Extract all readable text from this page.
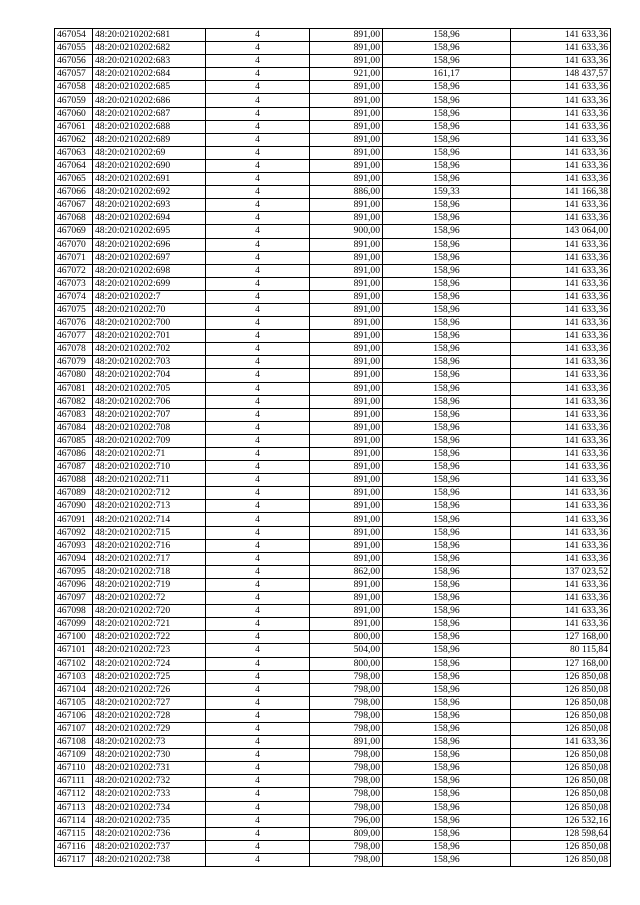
467054	48:20:0210202:681	4	891,00	158,96	141 633,36
467055	48:20:0210202:682	4	891,00	158,96	141 633,36
467056	48:20:0210202:683	4	891,00	158,96	141 633,36
467057	48:20:0210202:684	4	921,00	161,17	148 437,57
467058	48:20:0210202:685	4	891,00	158,96	141 633,36
467059	48:20:0210202:686	4	891,00	158,96	141 633,36
467060	48:20:0210202:687	4	891,00	158,96	141 633,36
467061	48:20:0210202:688	4	891,00	158,96	141 633,36
467062	48:20:0210202:689	4	891,00	158,96	141 633,36
467063	48:20:0210202:69	4	891,00	158,96	141 633,36
467064	48:20:0210202:690	4	891,00	158,96	141 633,36
467065	48:20:0210202:691	4	891,00	158,96	141 633,36
467066	48:20:0210202:692	4	886,00	159,33	141 166,38
467067	48:20:0210202:693	4	891,00	158,96	141 633,36
467068	48:20:0210202:694	4	891,00	158,96	141 633,36
467069	48:20:0210202:695	4	900,00	158,96	143 064,00
467070	48:20:0210202:696	4	891,00	158,96	141 633,36
467071	48:20:0210202:697	4	891,00	158,96	141 633,36
467072	48:20:0210202:698	4	891,00	158,96	141 633,36
467073	48:20:0210202:699	4	891,00	158,96	141 633,36
467074	48:20:0210202:7	4	891,00	158,96	141 633,36
467075	48:20:0210202:70	4	891,00	158,96	141 633,36
467076	48:20:0210202:700	4	891,00	158,96	141 633,36
467077	48:20:0210202:701	4	891,00	158,96	141 633,36
467078	48:20:0210202:702	4	891,00	158,96	141 633,36
467079	48:20:0210202:703	4	891,00	158,96	141 633,36
467080	48:20:0210202:704	4	891,00	158,96	141 633,36
467081	48:20:0210202:705	4	891,00	158,96	141 633,36
467082	48:20:0210202:706	4	891,00	158,96	141 633,36
467083	48:20:0210202:707	4	891,00	158,96	141 633,36
467084	48:20:0210202:708	4	891,00	158,96	141 633,36
467085	48:20:0210202:709	4	891,00	158,96	141 633,36
467086	48:20:0210202:71	4	891,00	158,96	141 633,36
467087	48:20:0210202:710	4	891,00	158,96	141 633,36
467088	48:20:0210202:711	4	891,00	158,96	141 633,36
467089	48:20:0210202:712	4	891,00	158,96	141 633,36
467090	48:20:0210202:713	4	891,00	158,96	141 633,36
467091	48:20:0210202:714	4	891,00	158,96	141 633,36
467092	48:20:0210202:715	4	891,00	158,96	141 633,36
467093	48:20:0210202:716	4	891,00	158,96	141 633,36
467094	48:20:0210202:717	4	891,00	158,96	141 633,36
467095	48:20:0210202:718	4	862,00	158,96	137 023,52
467096	48:20:0210202:719	4	891,00	158,96	141 633,36
467097	48:20:0210202:72	4	891,00	158,96	141 633,36
467098	48:20:0210202:720	4	891,00	158,96	141 633,36
467099	48:20:0210202:721	4	891,00	158,96	141 633,36
467100	48:20:0210202:722	4	800,00	158,96	127 168,00
467101	48:20:0210202:723	4	504,00	158,96	80 115,84
467102	48:20:0210202:724	4	800,00	158,96	127 168,00
467103	48:20:0210202:725	4	798,00	158,96	126 850,08
467104	48:20:0210202:726	4	798,00	158,96	126 850,08
467105	48:20:0210202:727	4	798,00	158,96	126 850,08
467106	48:20:0210202:728	4	798,00	158,96	126 850,08
467107	48:20:0210202:729	4	798,00	158,96	126 850,08
467108	48:20:0210202:73	4	891,00	158,96	141 633,36
467109	48:20:0210202:730	4	798,00	158,96	126 850,08
467110	48:20:0210202:731	4	798,00	158,96	126 850,08
467111	48:20:0210202:732	4	798,00	158,96	126 850,08
467112	48:20:0210202:733	4	798,00	158,96	126 850,08
467113	48:20:0210202:734	4	798,00	158,96	126 850,08
467114	48:20:0210202:735	4	796,00	158,96	126 532,16
467115	48:20:0210202:736	4	809,00	158,96	128 598,64
467116	48:20:0210202:737	4	798,00	158,96	126 850,08
467117	48:20:0210202:738	4	798,00	158,96	126 850,08
